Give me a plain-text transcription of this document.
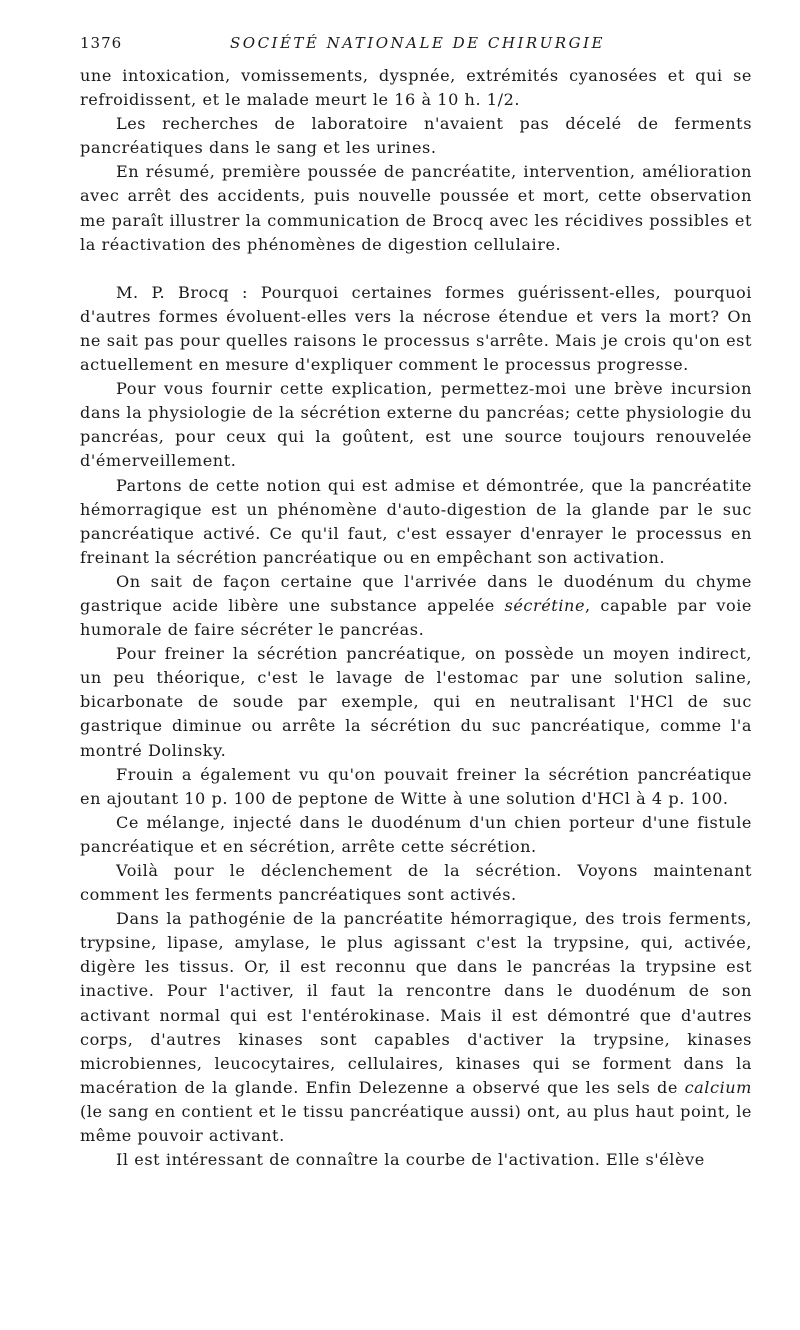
1376	SOCIÉTÉ NATIONALE DE CHIRURGIE

une intoxication, vomissements, dyspnée, extrémités cyanosées et qui se refroidissent, et le malade meurt le 16 à 10 h. 1/2.

Les recherches de laboratoire n'avaient pas décelé de ferments pancréatiques dans le sang et les urines.

En résumé, première poussée de pancréatite, intervention, amélioration avec arrêt des accidents, puis nouvelle poussée et mort, cette observation me paraît illustrer la communication de Brocq avec les récidives possibles et la réactivation des phénomènes de digestion cellulaire.

M. P. Brocq : Pourquoi certaines formes guérissent-elles, pourquoi d'autres formes évoluent-elles vers la nécrose étendue et vers la mort? On ne sait pas pour quelles raisons le processus s'arrête. Mais je crois qu'on est actuellement en mesure d'expliquer comment le processus progresse.

Pour vous fournir cette explication, permettez-moi une brève incursion dans la physiologie de la sécrétion externe du pancréas; cette physiologie du pancréas, pour ceux qui la goûtent, est une source toujours renouvelée d'émerveillement.

Partons de cette notion qui est admise et démontrée, que la pancréatite hémorragique est un phénomène d'auto-digestion de la glande par le suc pancréatique activé. Ce qu'il faut, c'est essayer d'enrayer le processus en freinant la sécrétion pancréatique ou en empêchant son activation.

On sait de façon certaine que l'arrivée dans le duodénum du chyme gastrique acide libère une substance appelée sécrétine, capable par voie humorale de faire sécréter le pancréas.

Pour freiner la sécrétion pancréatique, on possède un moyen indirect, un peu théorique, c'est le lavage de l'estomac par une solution saline, bicarbonate de soude par exemple, qui en neutralisant l'HCl de suc gastrique diminue ou arrête la sécrétion du suc pancréatique, comme l'a montré Dolinsky.

Frouin a également vu qu'on pouvait freiner la sécrétion pancréatique en ajoutant 10 p. 100 de peptone de Witte à une solution d'HCl à 4 p. 100.

Ce mélange, injecté dans le duodénum d'un chien porteur d'une fistule pancréatique et en sécrétion, arrête cette sécrétion.

Voilà pour le déclenchement de la sécrétion. Voyons maintenant comment les ferments pancréatiques sont activés.

Dans la pathogénie de la pancréatite hémorragique, des trois ferments, trypsine, lipase, amylase, le plus agissant c'est la trypsine, qui, activée, digère les tissus. Or, il est reconnu que dans le pancréas la trypsine est inactive. Pour l'activer, il faut la rencontre dans le duodénum de son activant normal qui est l'entérokinase. Mais il est démontré que d'autres corps, d'autres kinases sont capables d'activer la trypsine, kinases microbiennes, leucocytaires, cellulaires, kinases qui se forment dans la macération de la glande. Enfin Delezenne a observé que les sels de calcium (le sang en contient et le tissu pancréatique aussi) ont, au plus haut point, le même pouvoir activant.

Il est intéressant de connaître la courbe de l'activation. Elle s'élève
